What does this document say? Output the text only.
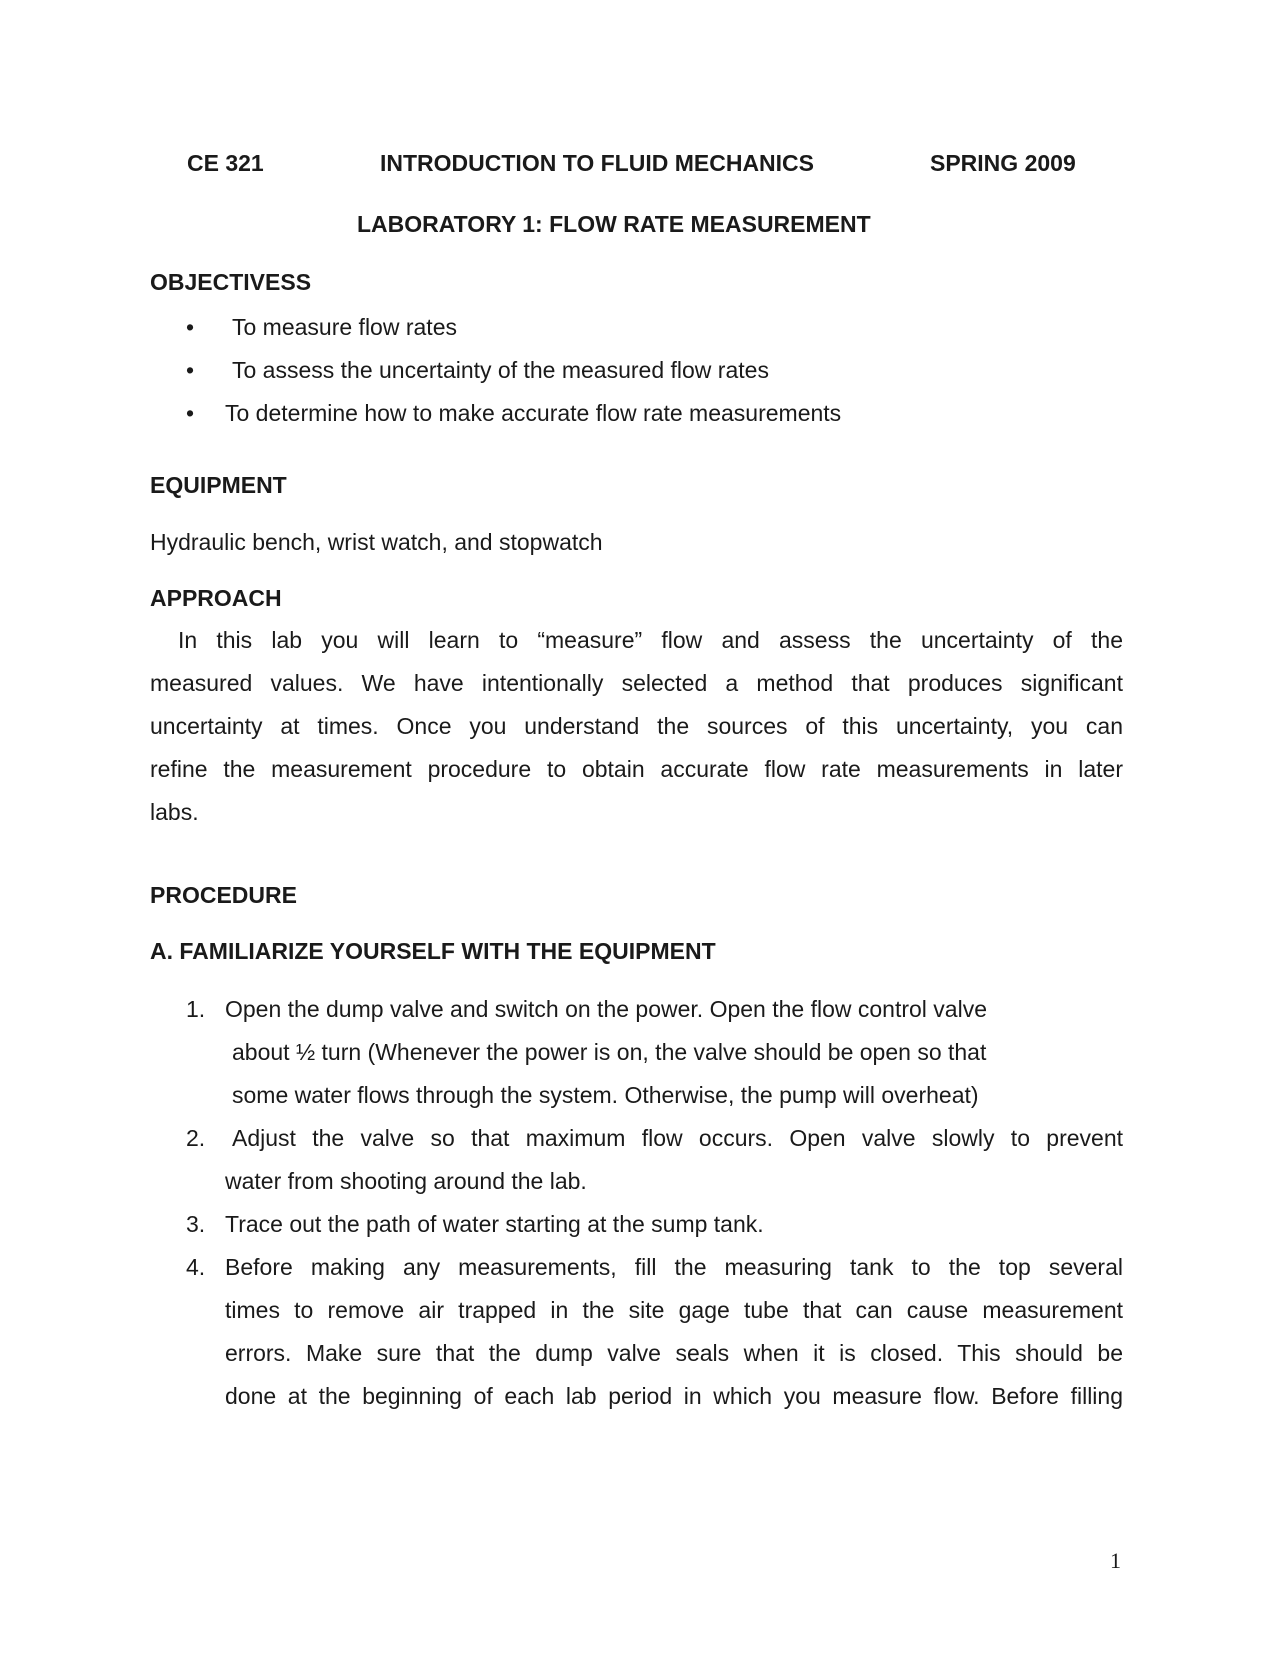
CE 321	INTRODUCTION TO FLUID MECHANICS	SPRING 2009
LABORATORY 1: FLOW RATE MEASUREMENT
OBJECTIVESS
• To measure flow rates
• To assess the uncertainty of the measured flow rates
• To determine how to make accurate flow rate measurements
EQUIPMENT
Hydraulic bench, wrist watch, and stopwatch
APPROACH
In this lab you will learn to “measure” flow and assess the uncertainty of the
measured values. We have intentionally selected a method that produces significant
uncertainty at times. Once you understand the sources of this uncertainty, you can
refine the measurement procedure to obtain accurate flow rate measurements in later
labs.
PROCEDURE
A. FAMILIARIZE YOURSELF WITH THE EQUIPMENT
1. Open the dump valve and switch on the power. Open the flow control valve
about ½ turn (Whenever the power is on, the valve should be open so that
some water flows through the system. Otherwise, the pump will overheat)
2. Adjust the valve so that maximum flow occurs. Open valve slowly to prevent
water from shooting around the lab.
3. Trace out the path of water starting at the sump tank.
4. Before making any measurements, fill the measuring tank to the top several
times to remove air trapped in the site gage tube that can cause measurement
errors. Make sure that the dump valve seals when it is closed. This should be
done at the beginning of each lab period in which you measure flow. Before filling
1
